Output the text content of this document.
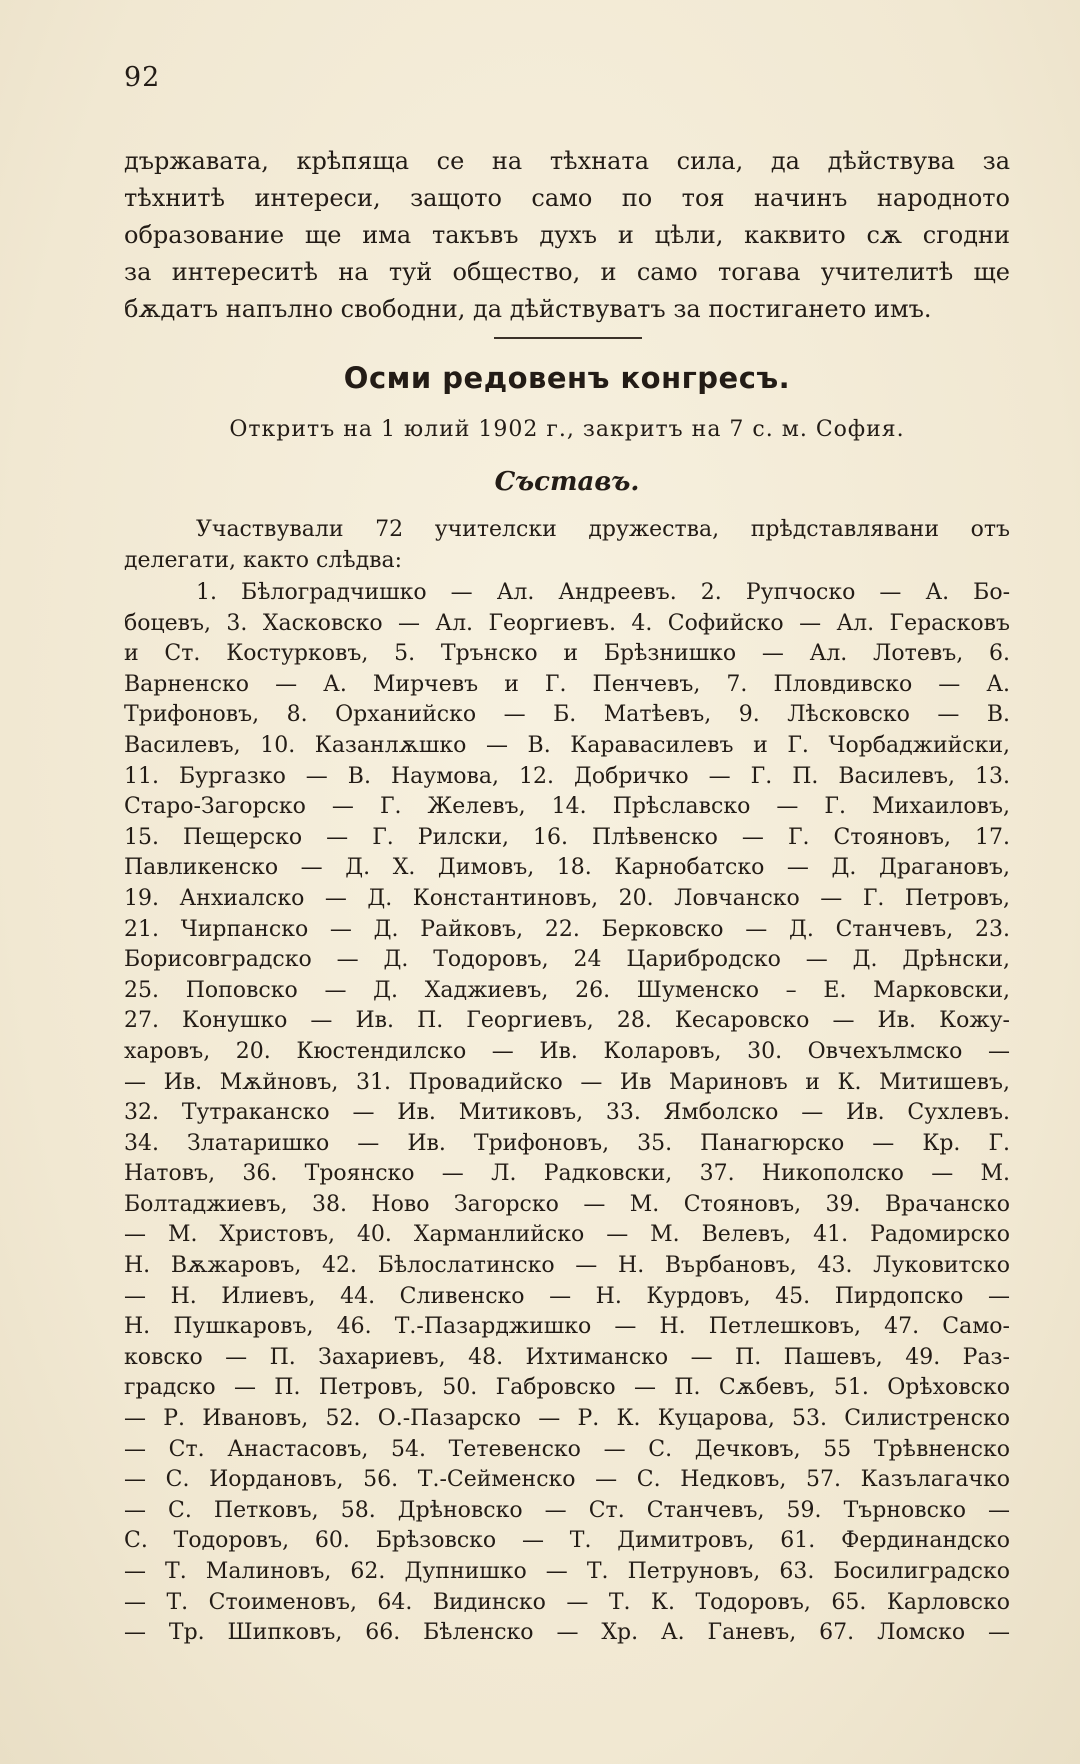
92
държавата, крѣпяща се на тѣхната сила, да дѣйствува за
тѣхнитѣ интереси, защото само по тоя начинъ народното
образование ще има такъвъ духъ и цѣли, каквито сѫ сгодни
за интереситѣ на туй общество, и само тогава учителитѣ ще
бѫдатъ напълно свободни, да дѣйствуватъ за постигането имъ.
Осми редовенъ конгресъ.
Откритъ на 1 юлий 1902 г., закритъ на 7 с. м. София.
Съставъ.
Участвували 72 учителски дружества, прѣдставлявани отъ
делегати, както слѣдва:
1. Бѣлоградчишко — Ал. Андреевъ. 2. Рупчоско — А. Бо-
боцевъ, 3. Хасковско — Ал. Георгиевъ. 4. Софийско — Ал. Герасковъ
и Ст. Костурковъ, 5. Трънско и Брѣзнишко — Ал. Лотевъ, 6.
Варненско — А. Мирчевъ и Г. Пенчевъ, 7. Пловдивско — А.
Трифоновъ, 8. Орханийско — Б. Матѣевъ, 9. Лѣсковско — В.
Василевъ, 10. Казанлѫшко — В. Каравасилевъ и Г. Чорбаджийски,
11. Бургазко — В. Наумова, 12. Добричко — Г. П. Василевъ, 13.
Старо-Загорско — Г. Желевъ, 14. Прѣславско — Г. Михаиловъ,
15. Пещерско — Г. Рилски, 16. Плѣвенско — Г. Стояновъ, 17.
Павликенско — Д. Х. Димовъ, 18. Карнобатско — Д. Драгановъ,
19. Анхиалско — Д. Константиновъ, 20. Ловчанско — Г. Петровъ,
21. Чирпанско — Д. Райковъ, 22. Берковско — Д. Станчевъ, 23.
Борисовградско — Д. Тодоровъ, 24 Царибродско — Д. Дрѣнски,
25. Поповско — Д. Хаджиевъ, 26. Шуменско – Е. Марковски,
27. Конушко — Ив. П. Георгиевъ, 28. Кесаровско — Ив. Кожу-
харовъ, 20. Кюстендилско — Ив. Коларовъ, 30. Овчехълмско —
— Ив. Мѫйновъ, 31. Провадийско — Ив Мариновъ и К. Митишевъ,
32. Тутраканско — Ив. Митиковъ, 33. Ямболско — Ив. Сухлевъ.
34. Златаришко — Ив. Трифоновъ, 35. Панагюрско — Кр. Г.
Натовъ, 36. Троянско — Л. Радковски, 37. Никополско — М.
Болтаджиевъ, 38. Ново Загорско — М. Стояновъ, 39. Врачанско
— М. Христовъ, 40. Харманлийско — М. Велевъ, 41. Радомирско
Н. Вѫжаровъ, 42. Бѣлослатинско — Н. Върбановъ, 43. Луковитско
— Н. Илиевъ, 44. Сливенско — Н. Курдовъ, 45. Пирдопско —
Н. Пушкаровъ, 46. Т.-Пазарджишко — Н. Петлешковъ, 47. Само-
ковско — П. Захариевъ, 48. Ихтиманско — П. Пашевъ, 49. Раз-
градско — П. Петровъ, 50. Габровско — П. Сѫбевъ, 51. Орѣховско
— Р. Ивановъ, 52. О.-Пазарско — Р. К. Куцарова, 53. Силистренско
— Ст. Анастасовъ, 54. Тетевенско — С. Дечковъ, 55 Трѣвненско
— С. Иордановъ, 56. Т.-Сейменско — С. Недковъ, 57. Казълагачко
— С. Петковъ, 58. Дрѣновско — Ст. Станчевъ, 59. Търновско —
С. Тодоровъ, 60. Брѣзовско — Т. Димитровъ, 61. Фердинандско
— Т. Малиновъ, 62. Дупнишко — Т. Петруновъ, 63. Босилиградско
— Т. Стоименовъ, 64. Видинско — Т. К. Тодоровъ, 65. Карловско
— Тр. Шипковъ, 66. Бѣленско — Хр. А. Ганевъ, 67. Ломско —
